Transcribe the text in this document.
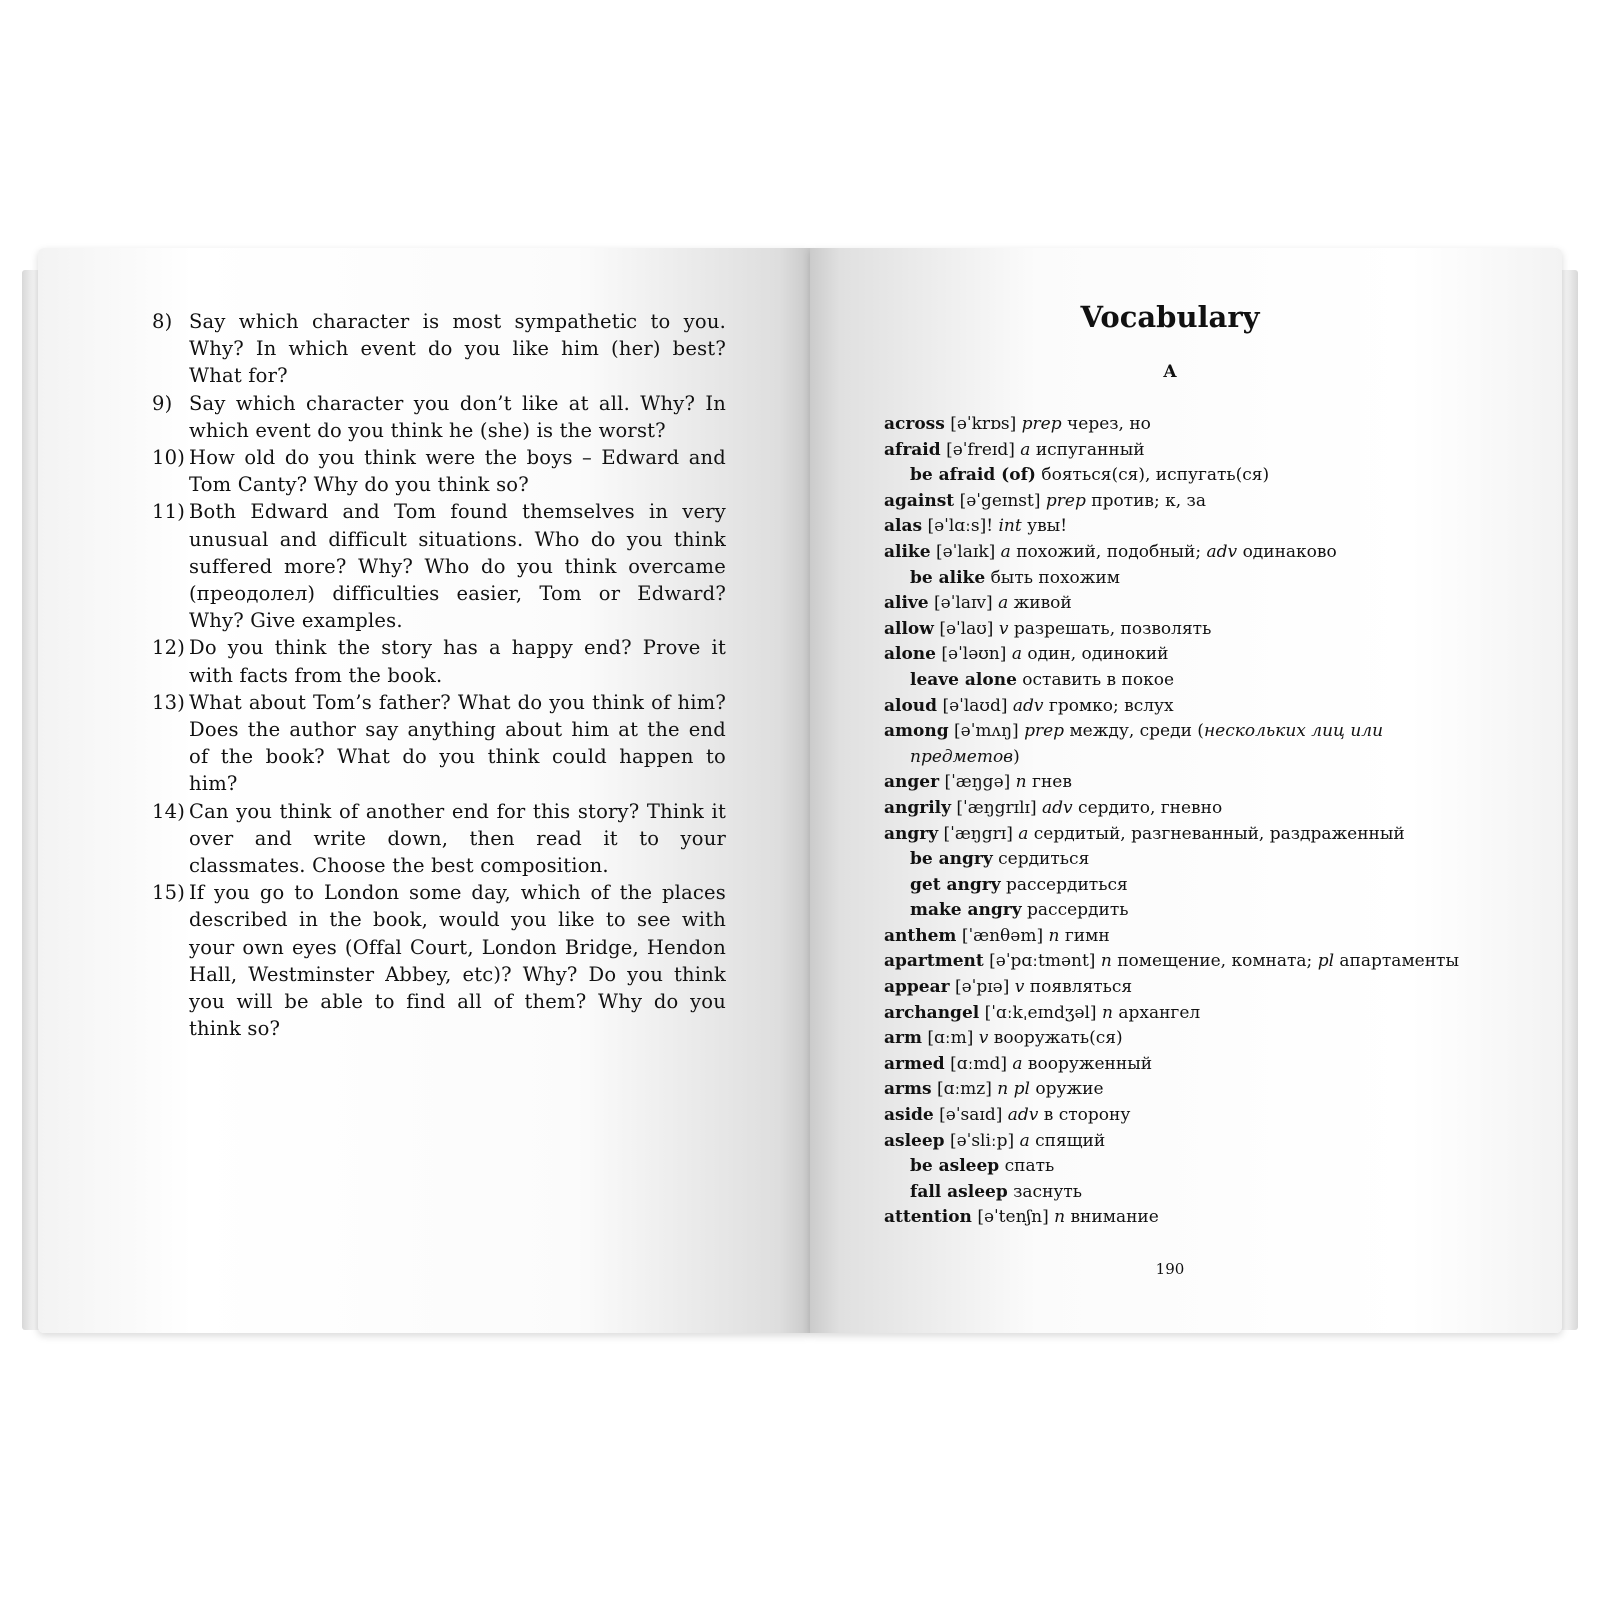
8) Say which character is most sympathetic to you. Why? In which event do you like him (her) best? What for?
9) Say which character you don’t like at all. Why? In which event do you think he (she) is the worst?
10) How old do you think were the boys – Edward and Tom Canty? Why do you think so?
11) Both Edward and Tom found themselves in very unusual and difficult situations. Who do you think suffered more? Why? Who do you think overcame (преодолел) difficulties easier, Tom or Edward? Why? Give examples.
12) Do you think the story has a happy end? Prove it with facts from the book.
13) What about Tom’s father? What do you think of him? Does the author say anything about him at the end of the book? What do you think could happen to him?
14) Can you think of another end for this story? Think it over and write down, then read it to your classmates. Choose the best composition.
15) If you go to London some day, which of the places described in the book, would you like to see with your own eyes (Offal Court, London Bridge, Hendon Hall, Westminster Abbey, etc)? Why? Do you think you will be able to find all of them? Why do you think so?
Vocabulary
A
across [əˈkrɒs] prep через, но
afraid [əˈfreɪd] a испуганный
be afraid (of) бояться(ся), испугать(ся)
against [əˈgeɪnst] prep против; к, за
alas [əˈlɑːs]! int увы!
alike [əˈlaɪk] a похожий, подобный; adv одинаково
be alike быть похожим
alive [əˈlaɪv] a живой
allow [əˈlaʊ] v разрешать, позволять
alone [əˈləʊn] a один, одинокий
leave alone оставить в покое
aloud [əˈlaʊd] adv громко; вслух
among [əˈmʌŋ] prep между, среди (нескольких лиц или предметов)
anger [ˈæŋgə] n гнев
angrily [ˈæŋgrɪlɪ] adv сердито, гневно
angry [ˈæŋgrɪ] a сердитый, разгневанный, раздраженный
be angry сердиться
get angry рассердиться
make angry рассердить
anthem [ˈænθəm] n гимн
apartment [əˈpɑːtmənt] n помещение, комната; pl апартаменты
appear [əˈpɪə] v появляться
archangel [ˈɑːkˌeɪndʒəl] n архангел
arm [ɑːm] v вооружать(ся)
armed [ɑːmd] a вооруженный
arms [ɑːmz] n pl оружие
aside [əˈsaɪd] adv в сторону
asleep [əˈsliːp] a спящий
be asleep спать
fall asleep заснуть
attention [əˈtenʃn] n внимание
190
